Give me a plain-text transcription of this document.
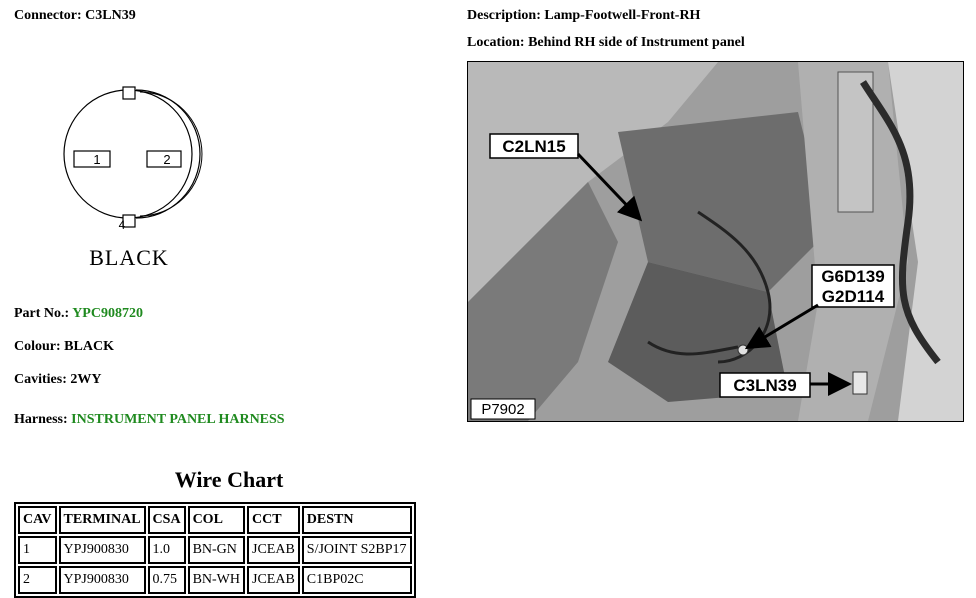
Connector: C3LN39	Description: Lamp-Footwell-Front-RH
Location: Behind RH side of Instrument panel
1	2
4
BLACK
Part No.: YPC908720
Colour: BLACK
Cavities: 2WY
Harness: INSTRUMENT PANEL HARNESS
C2LN15
G6D139
G2D114
C3LN39
P7902
Wire Chart
CAV	TERMINAL	CSA	COL	CCT	DESTN
1	YPJ900830	1.0	BN-GN	JCEAB	S/JOINT S2BP17
2	YPJ900830	0.75	BN-WH	JCEAB	C1BP02C
